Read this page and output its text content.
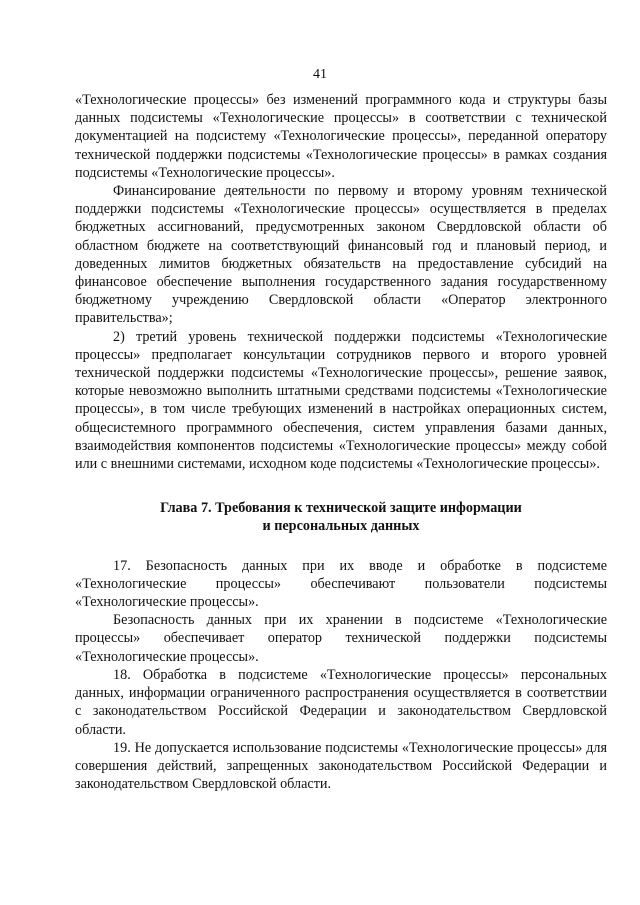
41

«Технологические процессы» без изменений программного кода и структуры базы данных подсистемы «Технологические процессы» в соответствии с технической документацией на подсистему «Технологические процессы», переданной оператору технической поддержки подсистемы «Технологические процессы» в рамках создания подсистемы «Технологические процессы».

Финансирование деятельности по первому и второму уровням технической поддержки подсистемы «Технологические процессы» осуществляется в пределах бюджетных ассигнований, предусмотренных законом Свердловской области об областном бюджете на соответствующий финансовый год и плановый период, и доведенных лимитов бюджетных обязательств на предоставление субсидий на финансовое обеспечение выполнения государственного задания государственному бюджетному учреждению Свердловской области «Оператор электронного правительства»;

2) третий уровень технической поддержки подсистемы «Технологические процессы» предполагает консультации сотрудников первого и второго уровней технической поддержки подсистемы «Технологические процессы», решение заявок, которые невозможно выполнить штатными средствами подсистемы «Технологические процессы», в том числе требующих изменений в настройках операционных систем, общесистемного программного обеспечения, систем управления базами данных, взаимодействия компонентов подсистемы «Технологические процессы» между собой или с внешними системами, исходном коде подсистемы «Технологические процессы».

Глава 7. Требования к технической защите информации
и персональных данных

17. Безопасность данных при их вводе и обработке в подсистеме «Технологические процессы» обеспечивают пользователи подсистемы «Технологические процессы».

Безопасность данных при их хранении в подсистеме «Технологические процессы» обеспечивает оператор технической поддержки подсистемы «Технологические процессы».

18. Обработка в подсистеме «Технологические процессы» персональных данных, информации ограниченного распространения осуществляется в соответствии с законодательством Российской Федерации и законодательством Свердловской области.

19. Не допускается использование подсистемы «Технологические процессы» для совершения действий, запрещенных законодательством Российской Федерации и законодательством Свердловской области.
